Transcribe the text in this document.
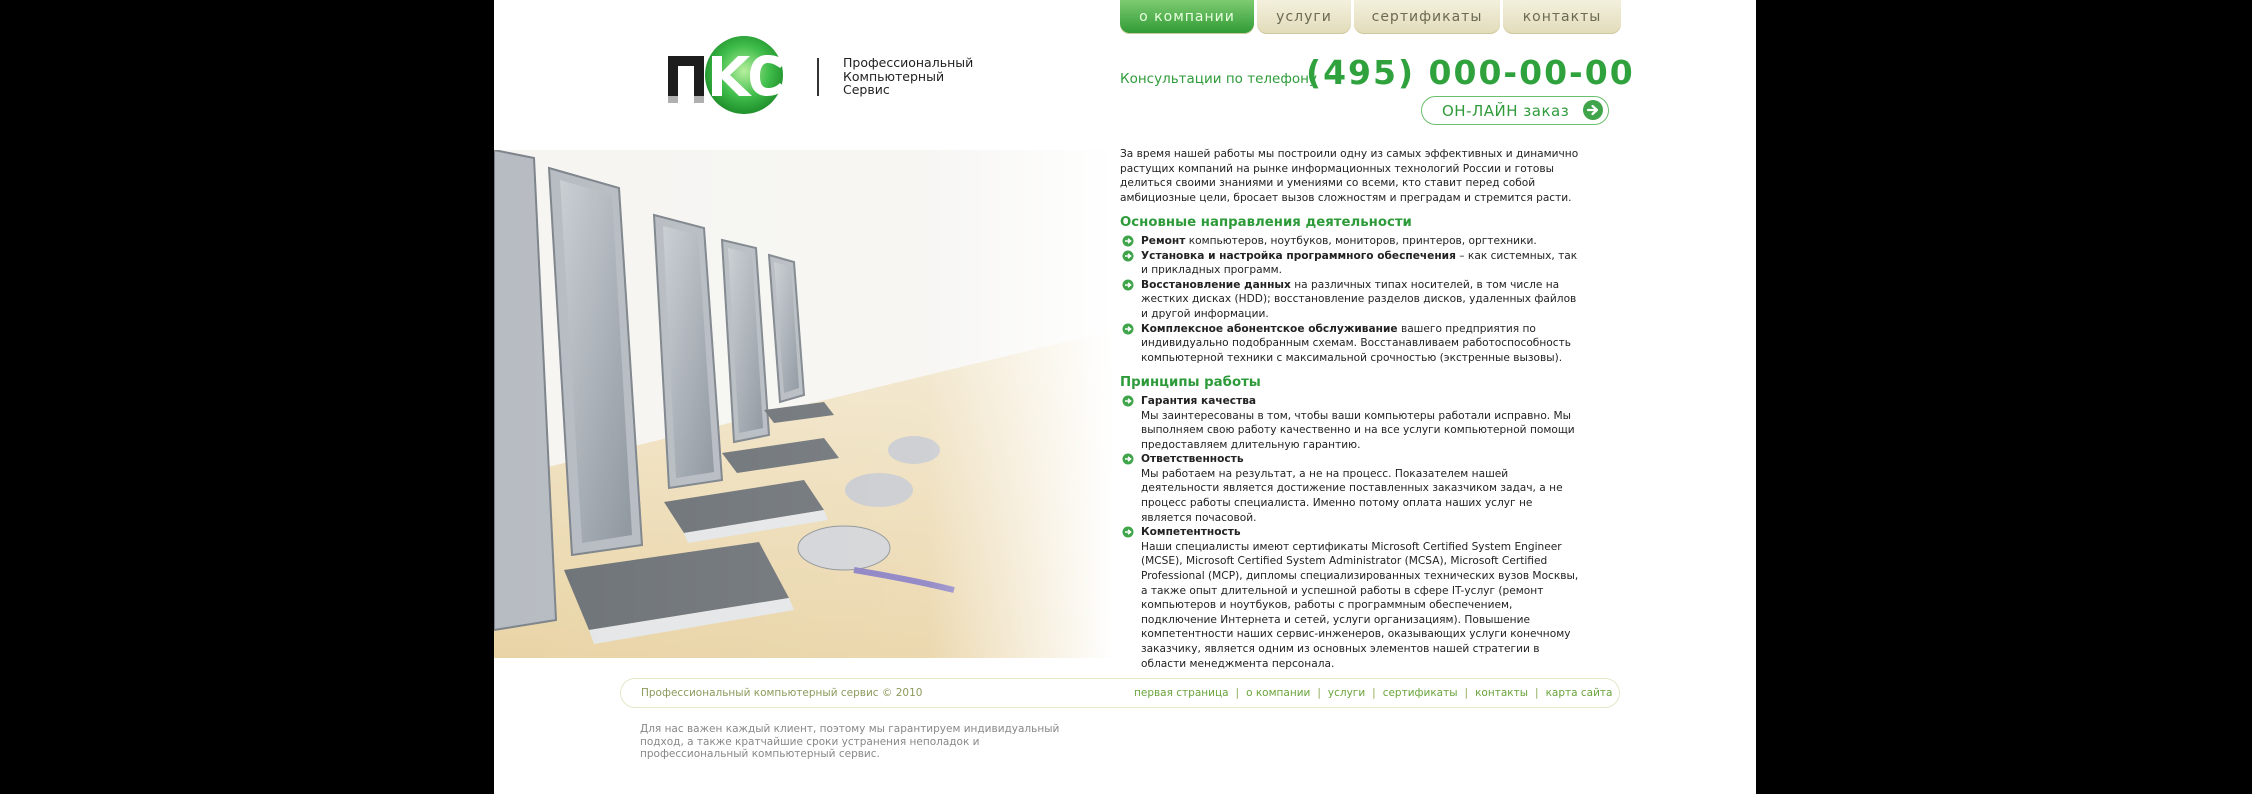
Профессиональный
Компьютерный
Сервис
о компании	услуги	сертификаты	контакты
Консультации по телефону
(495) 000-00-00
ОН-ЛАЙН заказ

За время нашей работы мы построили одну из самых эффективных и динамично растущих компаний на рынке информационных технологий России и готовы делиться своими знаниями и умениями со всеми, кто ставит перед собой амбициозные цели, бросает вызов сложностям и преградам и стремится расти.

Основные направления деятельности
Ремонт компьютеров, ноутбуков, мониторов, принтеров, оргтехники.
Установка и настройка программного обеспечения – как системных, так и прикладных программ.
Восстановление данных на различных типах носителей, в том числе на жестких дисках (HDD); восстановление разделов дисков, удаленных файлов и другой информации.
Комплексное абонентское обслуживание вашего предприятия по индивидуально подобранным схемам. Восстанавливаем работоспособность компьютерной техники с максимальной срочностью (экстренные вызовы).
Принципы работы
Гарантия качества
Мы заинтересованы в том, чтобы ваши компьютеры работали исправно. Мы выполняем свою работу качественно и на все услуги компьютерной помощи предоставляем длительную гарантию.
Ответственность
Мы работаем на результат, а не на процесс. Показателем нашей деятельности является достижение поставленных заказчиком задач, а не процесс работы специалиста. Именно потому оплата наших услуг не является почасовой.
Компетентность
Наши специалисты имеют сертификаты Microsoft Certified System Engineer (MCSE), Microsoft Certified System Administrator (MCSA), Microsoft Certified Professional (MCP), дипломы специализированных технических вузов Москвы, а также опыт длительной и успешной работы в сфере IT-услуг (ремонт компьютеров и ноутбуков, работы с программным обеспечением, подключение Интернета и сетей, услуги организациям). Повышение компетентности наших сервис-инженеров, оказывающих услуги конечному заказчику, является одним из основных элементов нашей стратегии в области менеджмента персонала.
Профессиональный компьютерный сервис © 2010	первая страница | о компании | услуги | сертификаты | контакты | карта сайта
Для нас важен каждый клиент, поэтому мы гарантируем индивидуальный подход, а также кратчайшие сроки устранения неполадок и профессиональный компьютерный сервис.
